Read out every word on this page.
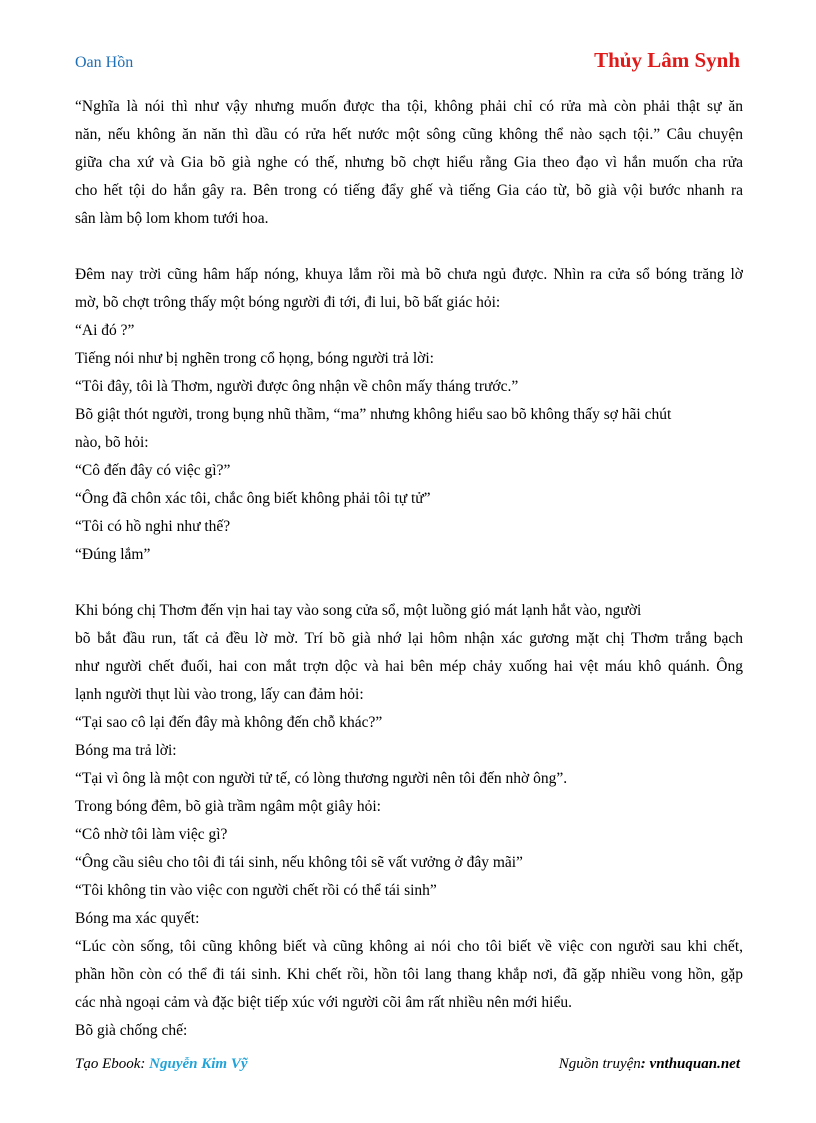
Oan Hồn	Thủy Lâm Synh
“Nghĩa là nói thì như vậy nhưng muốn được tha tội, không phải chỉ có rửa mà còn phải thật sự ăn
năn, nếu không ăn năn thì dầu có rửa hết nước một sông cũng không thể nào sạch tội.” Câu chuyện
giữa cha xứ và Gia bõ già nghe có thế, nhưng bõ chợt hiểu rằng Gia theo đạo vì hắn muốn cha rửa
cho hết tội do hắn gây ra. Bên trong có tiếng đẩy ghế và tiếng Gia cáo từ, bõ già vội bước nhanh ra
sân làm bộ lom khom tưới hoa.
Đêm nay trời cũng hâm hấp nóng, khuya lắm rồi mà bõ chưa ngủ được. Nhìn ra cửa sổ bóng trăng lờ
mờ, bõ chợt trông thấy một bóng người đi tới, đi lui, bõ bất giác hỏi:
“Ai đó ?”
Tiếng nói như bị nghẽn trong cổ họng, bóng người trả lời:
“Tôi đây, tôi là Thơm, người được ông nhận về chôn mấy tháng trước.”
Bõ giật thót người, trong bụng nhũ thầm, “ma” nhưng không hiểu sao bõ không thấy sợ hãi chút
nào, bõ hỏi:
“Cô đến đây có việc gì?”
“Ông đã chôn xác tôi, chắc ông biết không phải tôi tự tử”
“Tôi có hồ nghi như thế?
“Đúng lắm”
Khi bóng chị Thơm đến vịn hai tay vào song cửa sổ, một luồng gió mát lạnh hắt vào, người
bõ bắt đầu run, tất cả đều lờ mờ. Trí bõ già nhớ lại hôm nhận xác gương mặt chị Thơm trắng bạch
như người chết đuối, hai con mắt trợn dộc và hai bên mép chảy xuống hai vệt máu khô quánh. Ông
lạnh người thụt lùi vào trong, lấy can đảm hỏi:
“Tại sao cô lại đến đây mà không đến chỗ khác?”
Bóng ma trả lời:
“Tại vì ông là một con người tử tế, có lòng thương người nên tôi đến nhờ ông”.
Trong bóng đêm, bõ già trầm ngâm một giây hỏi:
“Cô nhờ tôi làm việc gì?
“Ông cầu siêu cho tôi đi tái sinh, nếu không tôi sẽ vất vưởng ở đây mãi”
“Tôi không tin vào việc con người chết rồi có thể tái sinh”
Bóng ma xác quyết:
“Lúc còn sống, tôi cũng không biết và cũng không ai nói cho tôi biết về việc con người sau khi chết,
phần hồn còn có thể đi tái sinh. Khi chết rồi, hồn tôi lang thang khắp nơi, đã gặp nhiều vong hồn, gặp
các nhà ngoại cảm và đặc biệt tiếp xúc với người cõi âm rất nhiều nên mới hiểu.
Bõ già chống chế:
Tạo Ebook: Nguyễn Kim Vỹ	Nguồn truyện: vnthuquan.net
